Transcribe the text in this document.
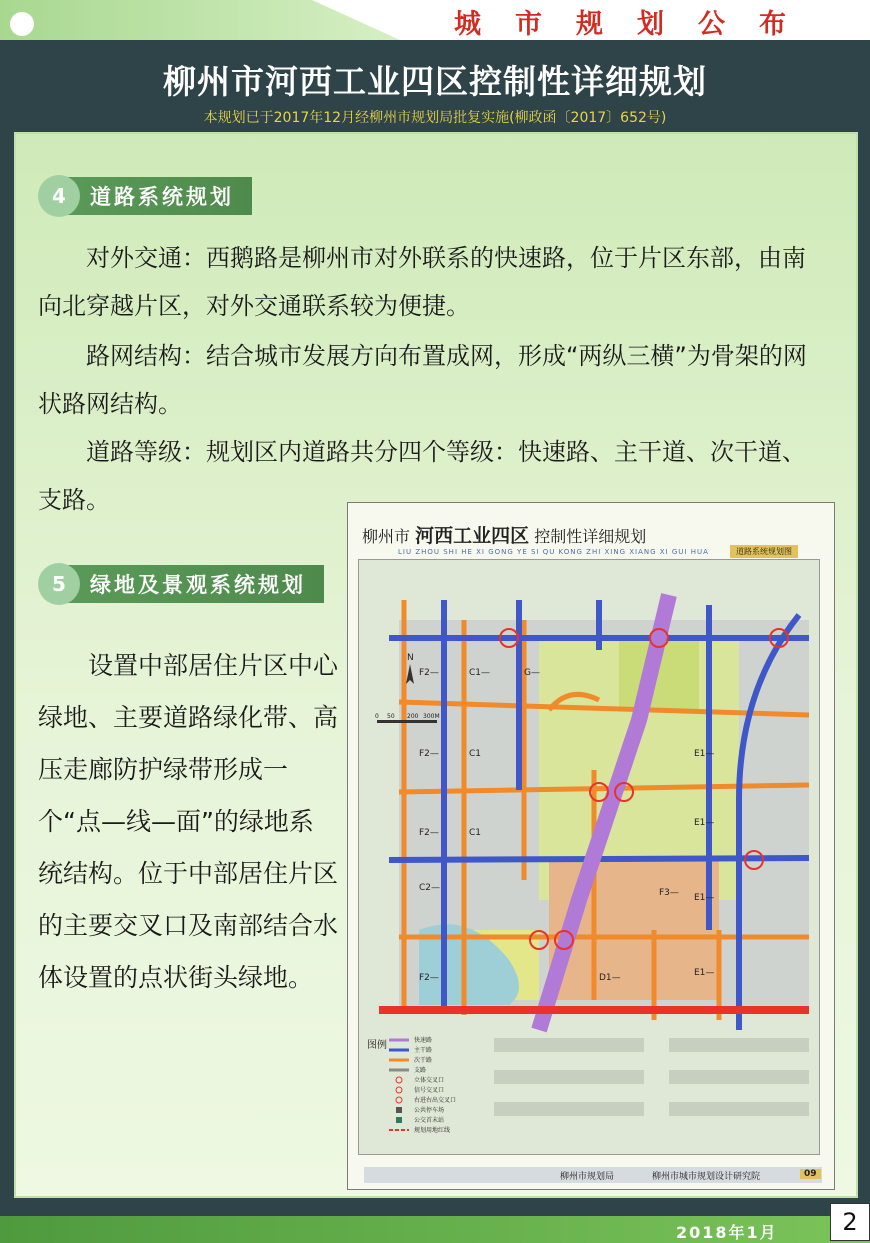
城市规划公布
柳州市河西工业四区控制性详细规划
本规划已于2017年12月经柳州市规划局批复实施(柳政函〔2017〕652号)
4	道路系统规划
对外交通：西鹅路是柳州市对外联系的快速路，位于片区东部，由南向北穿越片区，对外交通联系较为便捷。
路网结构：结合城市发展方向布置成网，形成“两纵三横”为骨架的网状路网结构。
道路等级：规划区内道路共分四个等级：快速路、主干道、次干道、支路。
5	绿地及景观系统规划
设置中部居住片区中心绿地、主要道路绿化带、高压走廊防护绿带形成一个“点—线—面”的绿地系统结构。位于中部居住片区的主要交叉口及南部结合水体设置的点状街头绿地。
柳州市 河西工业四区 控制性详细规划
LIU ZHOU SHI HE XI GONG YE SI QU KONG ZHI XING XIANG XI GUI HUA	道路系统规划图
F2—	C1—	G—
F2—	C1	E1—
F2—	C1
E1—
C2—	F3— E1—
F2—	D1—	E1—
N
0 50 200 300M
图例	快速路
主干路
次干路
支路
立体交叉口
信号交叉口
右进右出交叉口
公共停车场
公交首末站
规划用地红线
柳州市规划局	柳州市城市规划设计研究院	09
2018年1月	2
